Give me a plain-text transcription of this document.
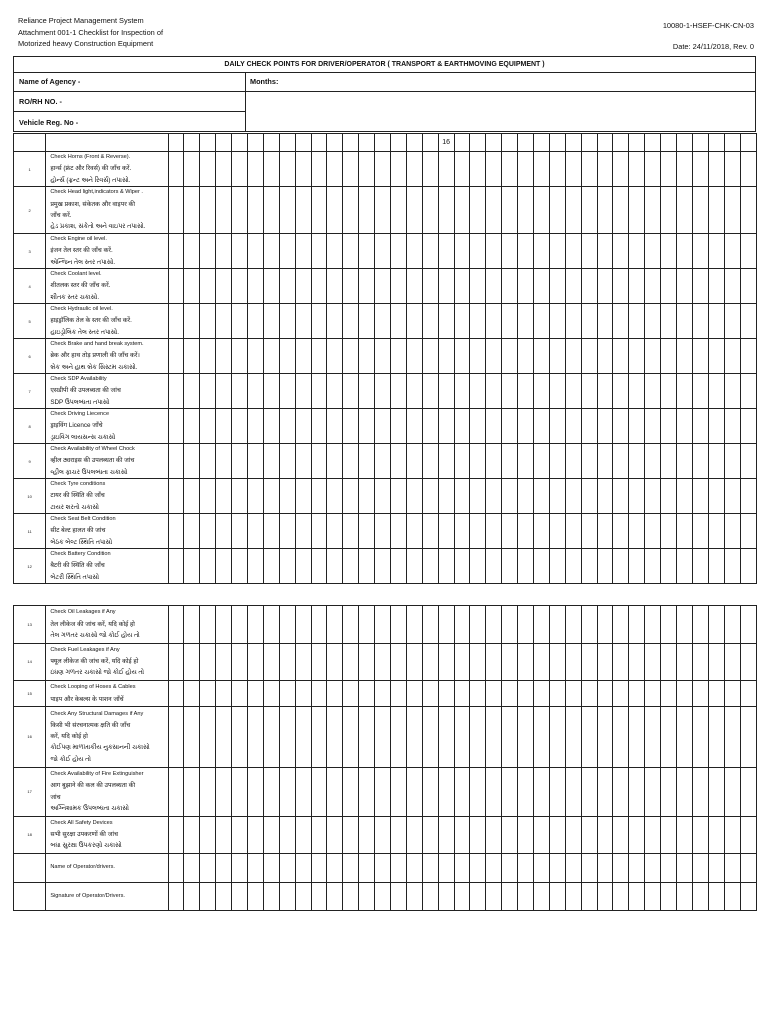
Reliance Project Management System
Attachment 001-1 Checklist for Inspection of
Motorized heavy Construction Equipment
10080-1-HSEF-CHK-CN-03
Date: 24/11/2018, Rev. 0
DAILY CHECK POINTS FOR DRIVER/OPERATOR ( TRANSPORT & EARTHMOVING EQUIPMENT )
Name of Agency -	Months:
RO/RH NO. -
Vehicle Reg. No -
																			16																			
1	Check Horns (Front & Reverse).
हार्न्स (फ्रंट और रिवर्स) की जाँच करें.
હોર્ન્સ (ફ્રન્ટ અને રિવર્સ) તપાસો.																																					

2	Check Head light,indicators & Wiper .
प्रमुख प्रकाश, संकेतक और वाइपर की
जाँच करें.
હેડ પ્રકાશ, સંકેતો અને વાઇપર તપાસો.																																					

3	Check Engine oil level.
इंजन तेल स्तर की जाँच करें.
એન્જિન તેલ સ્તર તપાસો.																																					

4	Check Coolant level.
शीतलक स्तर की जाँच करें.
શીતક સ્તર ચકાસો.																																					

5	Check Hydraulic oil level.
हाइड्रॉलिक तेल के स्तर की जाँच करें.
હાઇડ્રોલિક તેલ સ્તર તપાસો.																																					

6	Check Brake and hand break system.
ब्रेक और हाथ तोड़ प्रणाली की जाँच करें।
બ્રેક અને હાથ બ્રેક સિસ્ટમ ચકાસો.																																					

7	Check SDP Availability
एसडीपी की उपलब्धता की जांच
SDP ઉપલબ્ધતા તપાસો																																					

8	Check Driving Liecence
ड्राइविंग Licence जाँचे
ડ્રાઇવિંગ લાયસન્સ ચકાસો																																					

9	Check Availability of Wheel Chock
व्हील ठ्यराइस की उपलब्धता की जांच
વ્હીલ ફાચર ઉપલબ્ધતા ચકાસો																																					

10	Check Tyre conditions
टायर की स्थिति की जाँच
ટાયર શરતો ચકાસો																																					

11	Check Seat Belt Condition
सीट बेल्ट हालत की जांच
બેઠક બેલ્ટ સ્થિતિ તપાસો																																					

12	Check Battery Condition
बैटरी की स्थिति की जाँच
બેટરી સ્થિતિ તપાસો																																					

13	Check Oil Leakages if Any
तेल लीकेज की जांच करें, यदि कोई हो
તેલ ગળતર ચકાસો જો કોઈ હોય તો																																					

14	Check Fuel Leakages if Any
फ्यूल लीकेज की जांच करें, यदि कोई हो
ઇંધણ ગળતર ચકાસો જો કોઈ હોય તો																																					

15	Check Looping of Hoses & Cables
पाइप और केबल्स के पाशन जाँचें																																					

16	Check Any Structural Damages if Any
किसी भी संरचनात्मक क्षति की जाँच
करें, यदि कोई हो
કોઈપણ માળખાકીય નુકસાનની ચકાસો
જો કોઈ હોય તો																																					

17	Check Availability of Fire Extinguisher
आग बुझाने की कल की उपलब्धता की
जांच
અગ્નિશામક ઉપલબ્ધતા ચકાસો																																					

18	Check All Safety Devices
सभी सुरक्षा उपकरणों की जांच
બધા સુરક્ષા ઉપકરણો ચકાસો																																					

	Name of Operator/drivers.																																					

	Signature of Operator/Drivers.																																					
